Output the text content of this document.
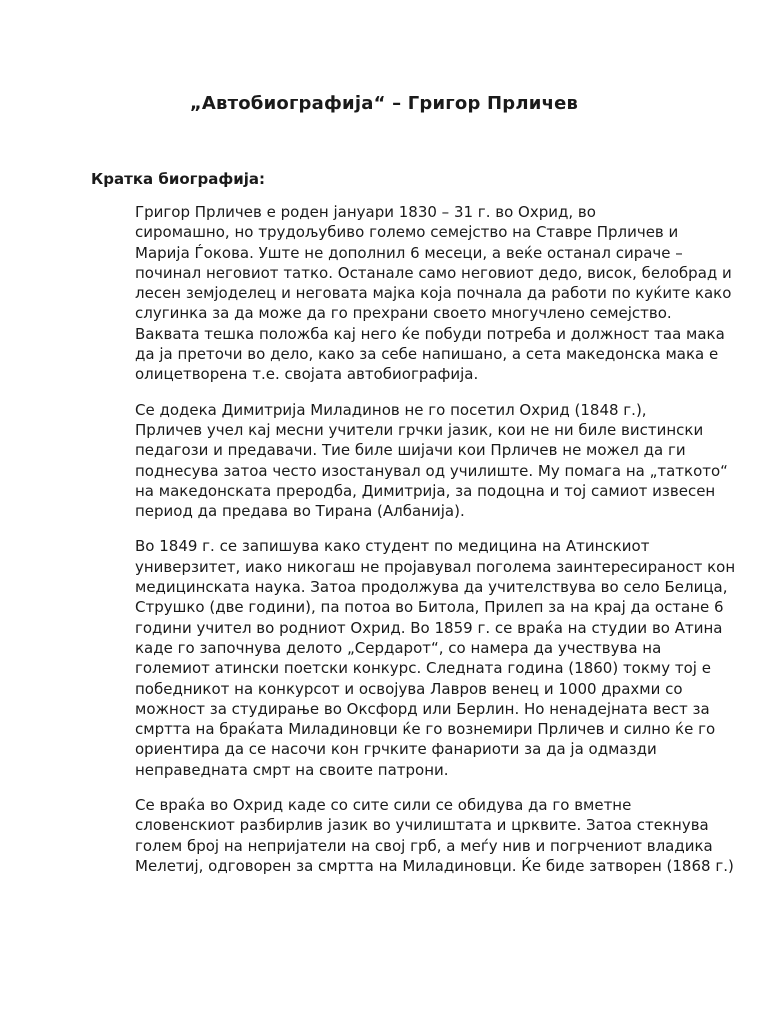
„Автобиографија“ – Григор Прличев
Кратка биографија:

Григор Прличев е роден јануари 1830 – 31 г. во Охрид, во
сиромашно, но трудољубиво големо семејство на Ставре Прличев и
Марија Ѓокова. Уште не дополнил 6 месеци, а веќе останал сираче –
починал неговиот татко. Останале само неговиот дедо, висок, белобрад и
лесен земјоделец и неговата мајка која почнала да работи по куќите како
слугинка за да може да го прехрани своето многучлено семејство.
Ваквата тешка положба кај него ќе побуди потреба и должност таа мака
да ја преточи во дело, како за себе напишано, а сета македонска мака е
олицетворена т.е. својата автобиографија.

Се додека Димитрија Миладинов не го посетил Охрид (1848 г.),
Прличев учел кај месни учители грчки јазик, кои не ни биле вистински
педагози и предавачи. Тие биле шијачи кои Прличев не можел да ги
поднесува затоа често изостанувал од училиште. Му помага на „таткото“
на македонската преродба, Димитрија, за подоцна и тој самиот извесен
период да предава во Тирана (Албанија).

Во 1849 г. се запишува како студент по медицина на Атинскиот
универзитет, иако никогаш не пројавувал поголема заинтересираност кон
медицинската наука. Затоа продолжува да учителствува во село Белица,
Струшко (две години), па потоа во Битола, Прилеп за на крај да остане 6
години учител во родниот Охрид. Во 1859 г. се враќа на студии во Атина
каде го започнува делото „Сердарот“, со намера да учествува на
големиот атински поетски конкурс. Следната година (1860) токму тој е
победникот на конкурсот и освојува Лавров венец и 1000 драхми со
можност за студирање во Оксфорд или Берлин. Но ненадејната вест за
смртта на браќата Миладиновци ќе го вознемири Прличев и силно ќе го
ориентира да се насочи кон грчките фанариоти за да ја одмазди
неправедната смрт на своите патрони.

Се враќа во Охрид каде со сите сили се обидува да го вметне
словенскиот разбирлив јазик во училиштата и црквите. Затоа стекнува
голем број на непријатели на свој грб, а меѓу нив и погрчениот владика
Мелетиј, одговорен за смртта на Миладиновци. Ќе биде затворен (1868 г.)
